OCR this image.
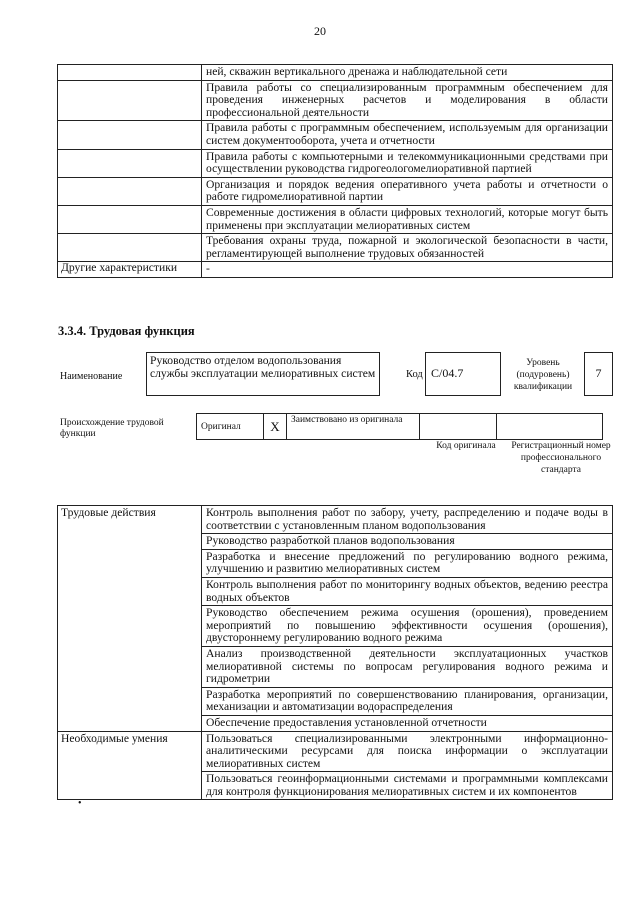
20
	ней, скважин вертикального дренажа и наблюдательной сети
	Правила работы со специализированным программным обеспечением для проведения инженерных расчетов и моделирования в области профессиональной деятельности
	Правила работы с программным обеспечением, используемым для организации систем документооборота, учета и отчетности
	Правила работы с компьютерными и телекоммуникационными средствами при осуществлении руководства гидрогеологомелиоративной партией
	Организация и порядок ведения оперативного учета работы и отчетности о работе гидромелиоративной партии
	Современные достижения в области цифровых технологий, которые могут быть применены при эксплуатации мелиоративных систем
	Требования охраны труда, пожарной и экологической безопасности в части, регламентирующей выполнение трудовых обязанностей
Другие характеристики	-
3.3.4. Трудовая функция
Наименование
Руководство отделом водопользования службы эксплуатации мелиоративных систем	Код C/04.7
Уровень (подуровень) квалификации
7
Происхождение трудовой функции
Оригинал	X	Заимствовано из оригинала		
Код оригинала	Регистрационный номер профессионального стандарта
Трудовые действия	Контроль выполнения работ по забору, учету, распределению и подаче воды в соответствии с установленным планом водопользования
	Руководство разработкой планов водопользования
	Разработка и внесение предложений по регулированию водного режима, улучшению и развитию мелиоративных систем
	Контроль выполнения работ по мониторингу водных объектов, ведению реестра водных объектов
	Руководство обеспечением режима осушения (орошения), проведением мероприятий по повышению эффективности осушения (орошения), двустороннему регулированию водного режима
	Анализ производственной деятельности эксплуатационных участков мелиоративной системы по вопросам регулирования водного режима и гидрометрии
	Разработка мероприятий по совершенствованию планирования, организации, механизации и автоматизации водораспределения
	Обеспечение предоставления установленной отчетности
Необходимые умения	Пользоваться специализированными электронными информационно-аналитическими ресурсами для поиска информации о эксплуатации мелиоративных систем
	Пользоваться геоинформационными системами и программными комплексами для контроля функционирования мелиоративных систем и их компонентов
•
